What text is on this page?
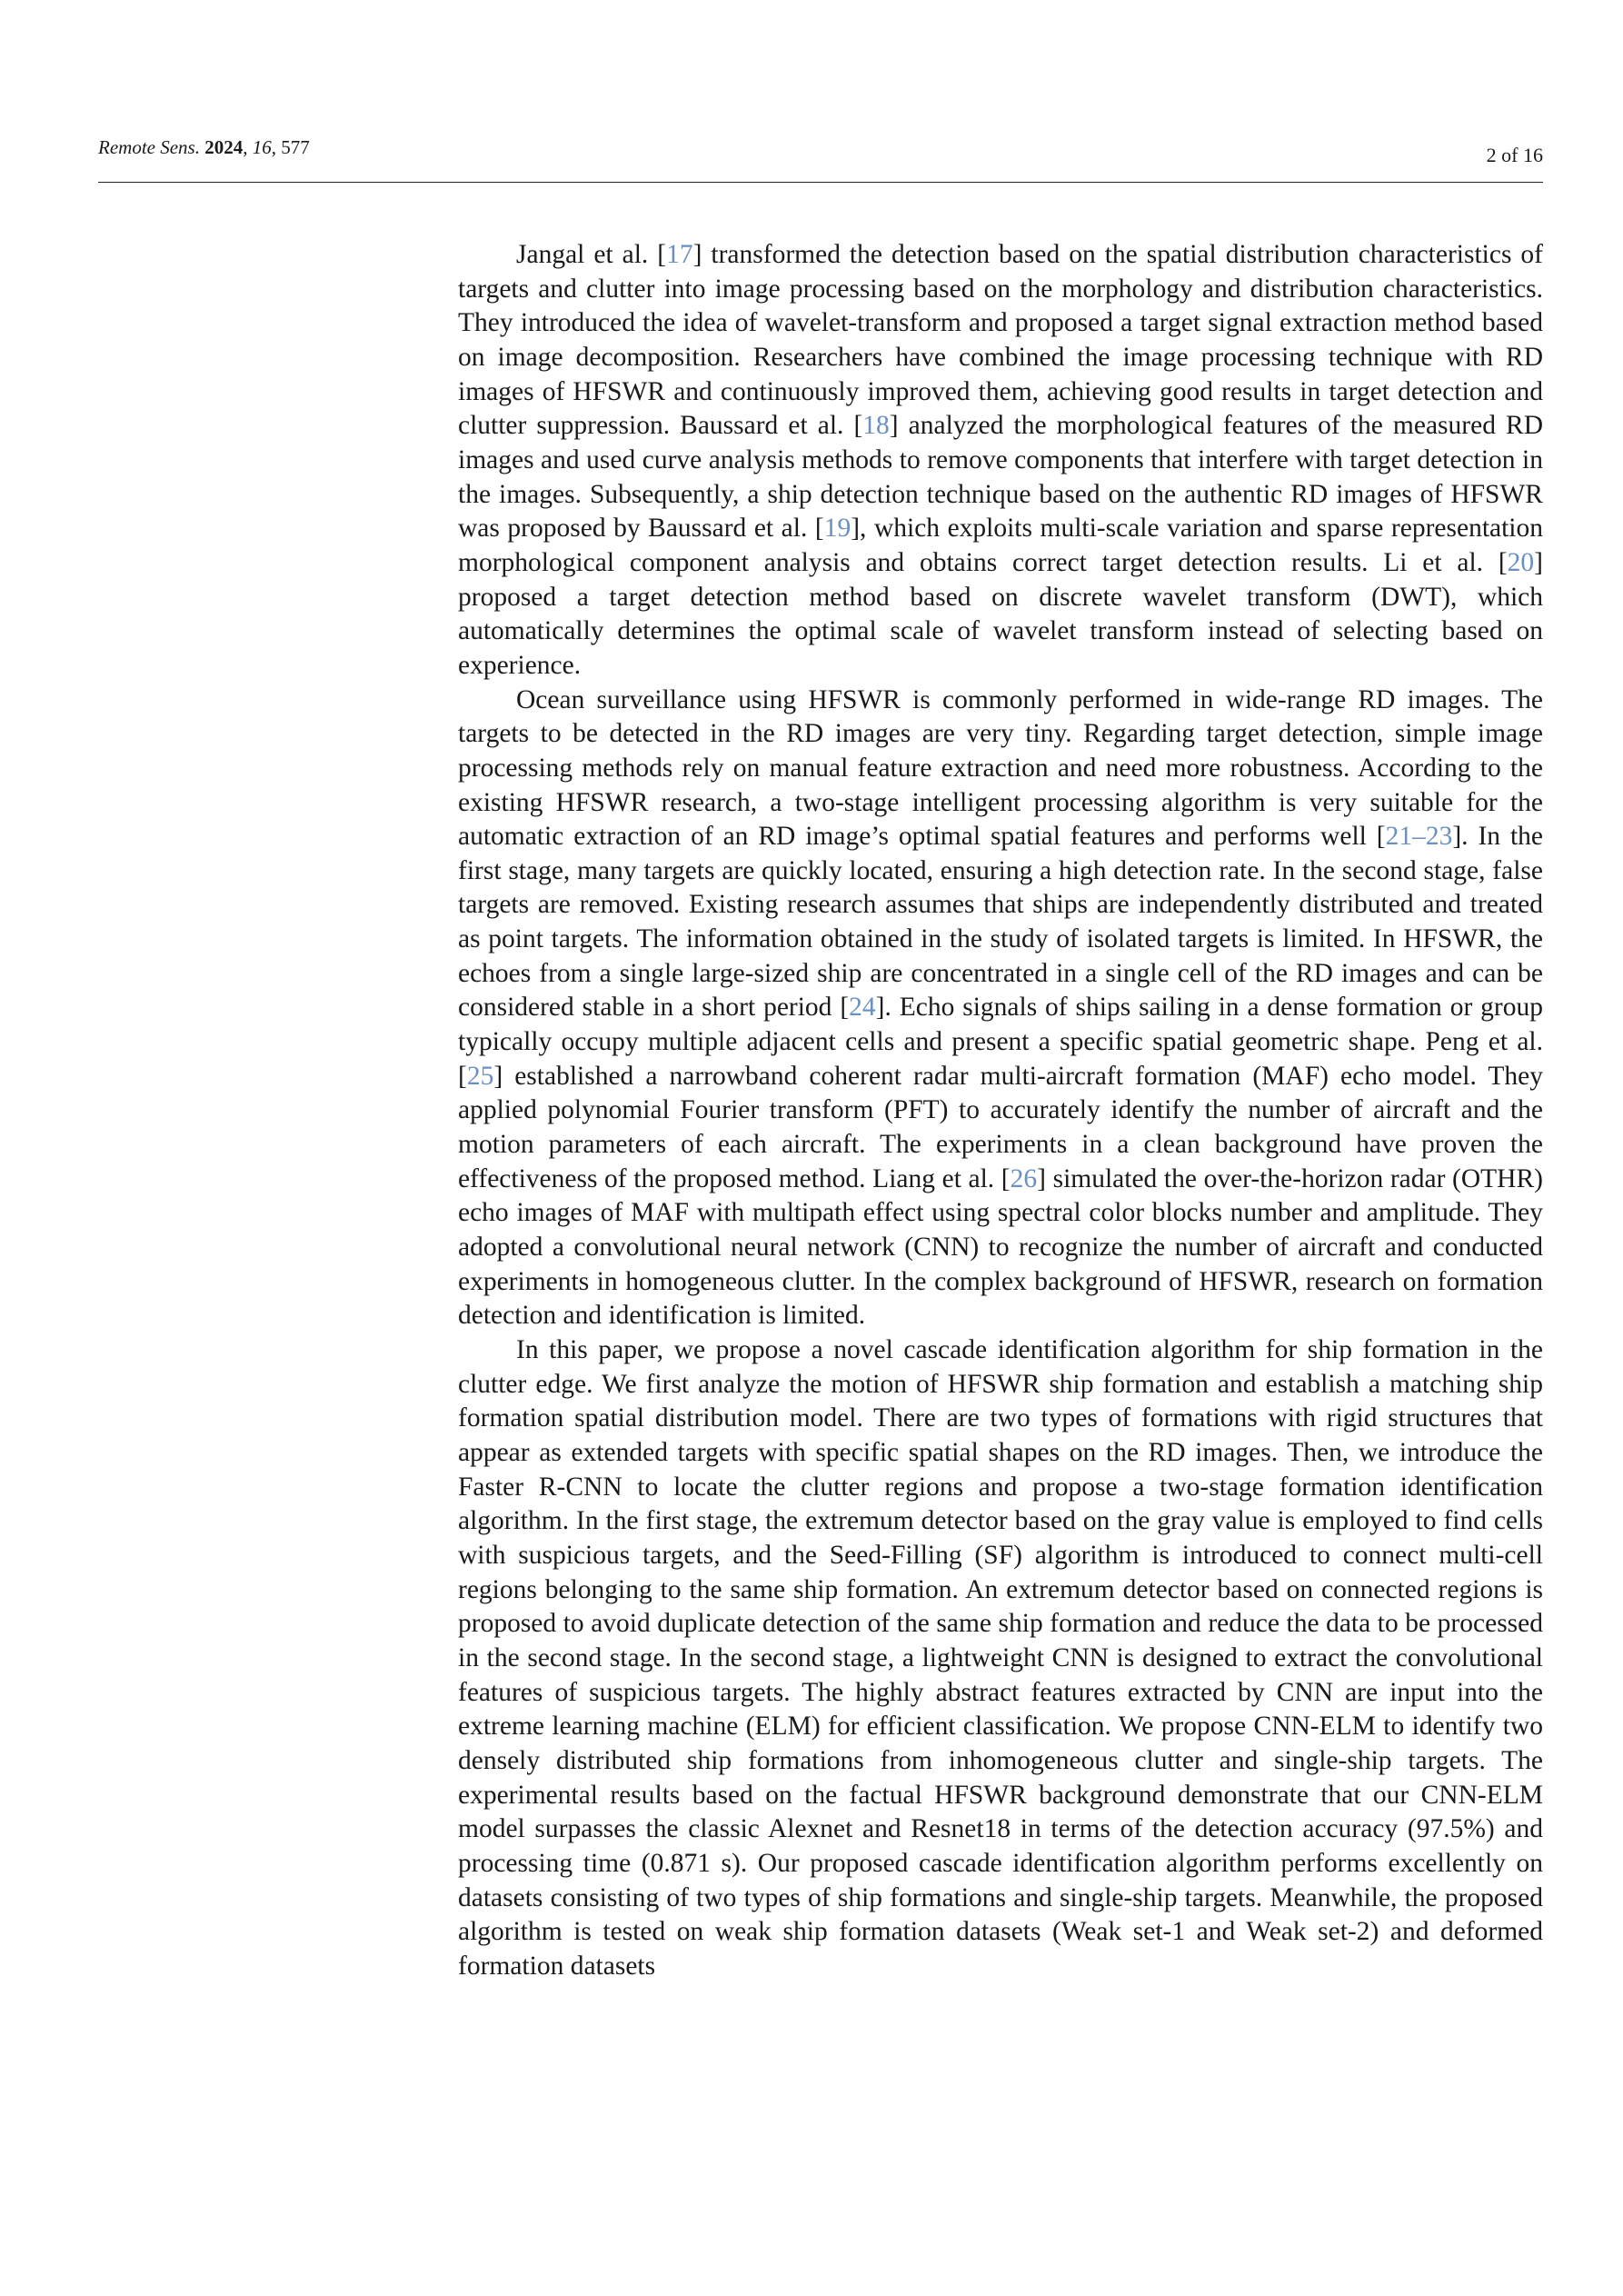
Remote Sens. 2024, 16, 577	2 of 16

Jangal et al. [17] transformed the detection based on the spatial distribution characteristics of targets and clutter into image processing based on the morphology and distribution characteristics. They introduced the idea of wavelet-transform and proposed a target signal extraction method based on image decomposition. Researchers have combined the image processing technique with RD images of HFSWR and continuously improved them, achieving good results in target detection and clutter suppression. Baussard et al. [18] analyzed the morphological features of the measured RD images and used curve analysis methods to remove components that interfere with target detection in the images. Subsequently, a ship detection technique based on the authentic RD images of HFSWR was proposed by Baussard et al. [19], which exploits multi-scale variation and sparse representation morphological component analysis and obtains correct target detection results. Li et al. [20] proposed a target detection method based on discrete wavelet transform (DWT), which automatically determines the optimal scale of wavelet transform instead of selecting based on experience.

Ocean surveillance using HFSWR is commonly performed in wide-range RD images. The targets to be detected in the RD images are very tiny. Regarding target detection, simple image processing methods rely on manual feature extraction and need more robustness. According to the existing HFSWR research, a two-stage intelligent processing algorithm is very suitable for the automatic extraction of an RD image’s optimal spatial features and performs well [21–23]. In the first stage, many targets are quickly located, ensuring a high detection rate. In the second stage, false targets are removed. Existing research assumes that ships are independently distributed and treated as point targets. The information obtained in the study of isolated targets is limited. In HFSWR, the echoes from a single large-sized ship are concentrated in a single cell of the RD images and can be considered stable in a short period [24]. Echo signals of ships sailing in a dense formation or group typically occupy multiple adjacent cells and present a specific spatial geometric shape. Peng et al. [25] established a narrowband coherent radar multi-aircraft formation (MAF) echo model. They applied polynomial Fourier transform (PFT) to accurately identify the number of aircraft and the motion parameters of each aircraft. The experiments in a clean background have proven the effectiveness of the proposed method. Liang et al. [26] simulated the over-the-horizon radar (OTHR) echo images of MAF with multipath effect using spectral color blocks number and amplitude. They adopted a convolutional neural network (CNN) to recognize the number of aircraft and conducted experiments in homogeneous clutter. In the complex background of HFSWR, research on formation detection and identification is limited.

In this paper, we propose a novel cascade identification algorithm for ship formation in the clutter edge. We first analyze the motion of HFSWR ship formation and establish a matching ship formation spatial distribution model. There are two types of formations with rigid structures that appear as extended targets with specific spatial shapes on the RD images. Then, we introduce the Faster R-CNN to locate the clutter regions and propose a two-stage formation identification algorithm. In the first stage, the extremum detector based on the gray value is employed to find cells with suspicious targets, and the Seed-Filling (SF) algorithm is introduced to connect multi-cell regions belonging to the same ship formation. An extremum detector based on connected regions is proposed to avoid duplicate detection of the same ship formation and reduce the data to be processed in the second stage. In the second stage, a lightweight CNN is designed to extract the convolutional features of suspicious targets. The highly abstract features extracted by CNN are input into the extreme learning machine (ELM) for efficient classification. We propose CNN-ELM to identify two densely distributed ship formations from inhomogeneous clutter and single-ship targets. The experimental results based on the factual HFSWR background demonstrate that our CNN-ELM model surpasses the classic Alexnet and Resnet18 in terms of the detection accuracy (97.5%) and processing time (0.871 s). Our proposed cascade identification algorithm performs excellently on datasets consisting of two types of ship formations and single-ship targets. Meanwhile, the proposed algorithm is tested on weak ship formation datasets (Weak set-1 and Weak set-2) and deformed formation datasets
